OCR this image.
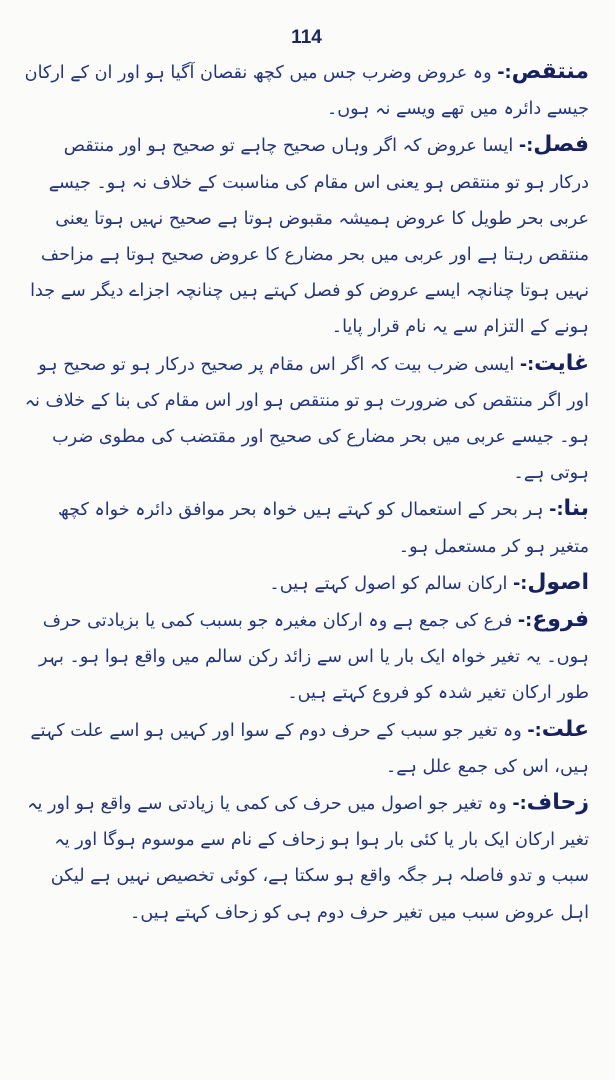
114

منتقص:- وہ عروض وضرب جس میں کچھ نقصان آگیا ہو اور ان کے ارکان جیسے دائرہ میں تھے ویسے نہ ہوں۔

فصل:- ایسا عروض کہ اگر وہاں صحیح چاہے تو صحیح ہو اور منتقص درکار ہو تو منتقص ہو یعنی اس مقام کی مناسبت کے خلاف نہ ہو۔ جیسے عربی بحر طویل کا عروض ہمیشہ مقبوض ہوتا ہے صحیح نہیں ہوتا یعنی منتقص رہتا ہے اور عربی میں بحر مضارع کا عروض صحیح ہوتا ہے مزاحف نہیں ہوتا چنانچہ ایسے عروض کو فصل کہتے ہیں چنانچہ اجزاے دیگر سے جدا ہونے کے التزام سے یہ نام قرار پایا۔

غایت:- ایسی ضرب بیت کہ اگر اس مقام پر صحیح درکار ہو تو صحیح ہو اور اگر منتقص کی ضرورت ہو تو منتقص ہو اور اس مقام کی بنا کے خلاف نہ ہو۔ جیسے عربی میں بحر مضارع کی صحیح اور مقتضب کی مطوی ضرب ہوتی ہے۔

بنا:- ہر بحر کے استعمال کو کہتے ہیں خواہ بحر موافق دائرہ خواہ کچھ متغیر ہو کر مستعمل ہو۔

اصول:- ارکان سالم کو اصول کہتے ہیں۔

فروع:- فرع کی جمع ہے وہ ارکان مغیرہ جو بسبب کمی یا بزیادتی حرف ہوں۔ یہ تغیر خواہ ایک بار یا اس سے زائد رکن سالم میں واقع ہوا ہو۔ بہر طور ارکان تغیر شدہ کو فروع کہتے ہیں۔

علت:- وہ تغیر جو سبب کے حرف دوم کے سوا اور کہیں ہو اسے علت کہتے ہیں، اس کی جمع علل ہے۔

زحاف:- وہ تغیر جو اصول میں حرف کی کمی یا زیادتی سے واقع ہو اور یہ تغیر ارکان ایک بار یا کئی بار ہوا ہو زحاف کے نام سے موسوم ہوگا اور یہ سبب و تدو فاصلہ ہر جگہ واقع ہو سکتا ہے، کوئی تخصیص نہیں ہے لیکن اہل عروض سبب میں تغیر حرف دوم ہی کو زحاف کہتے ہیں۔
